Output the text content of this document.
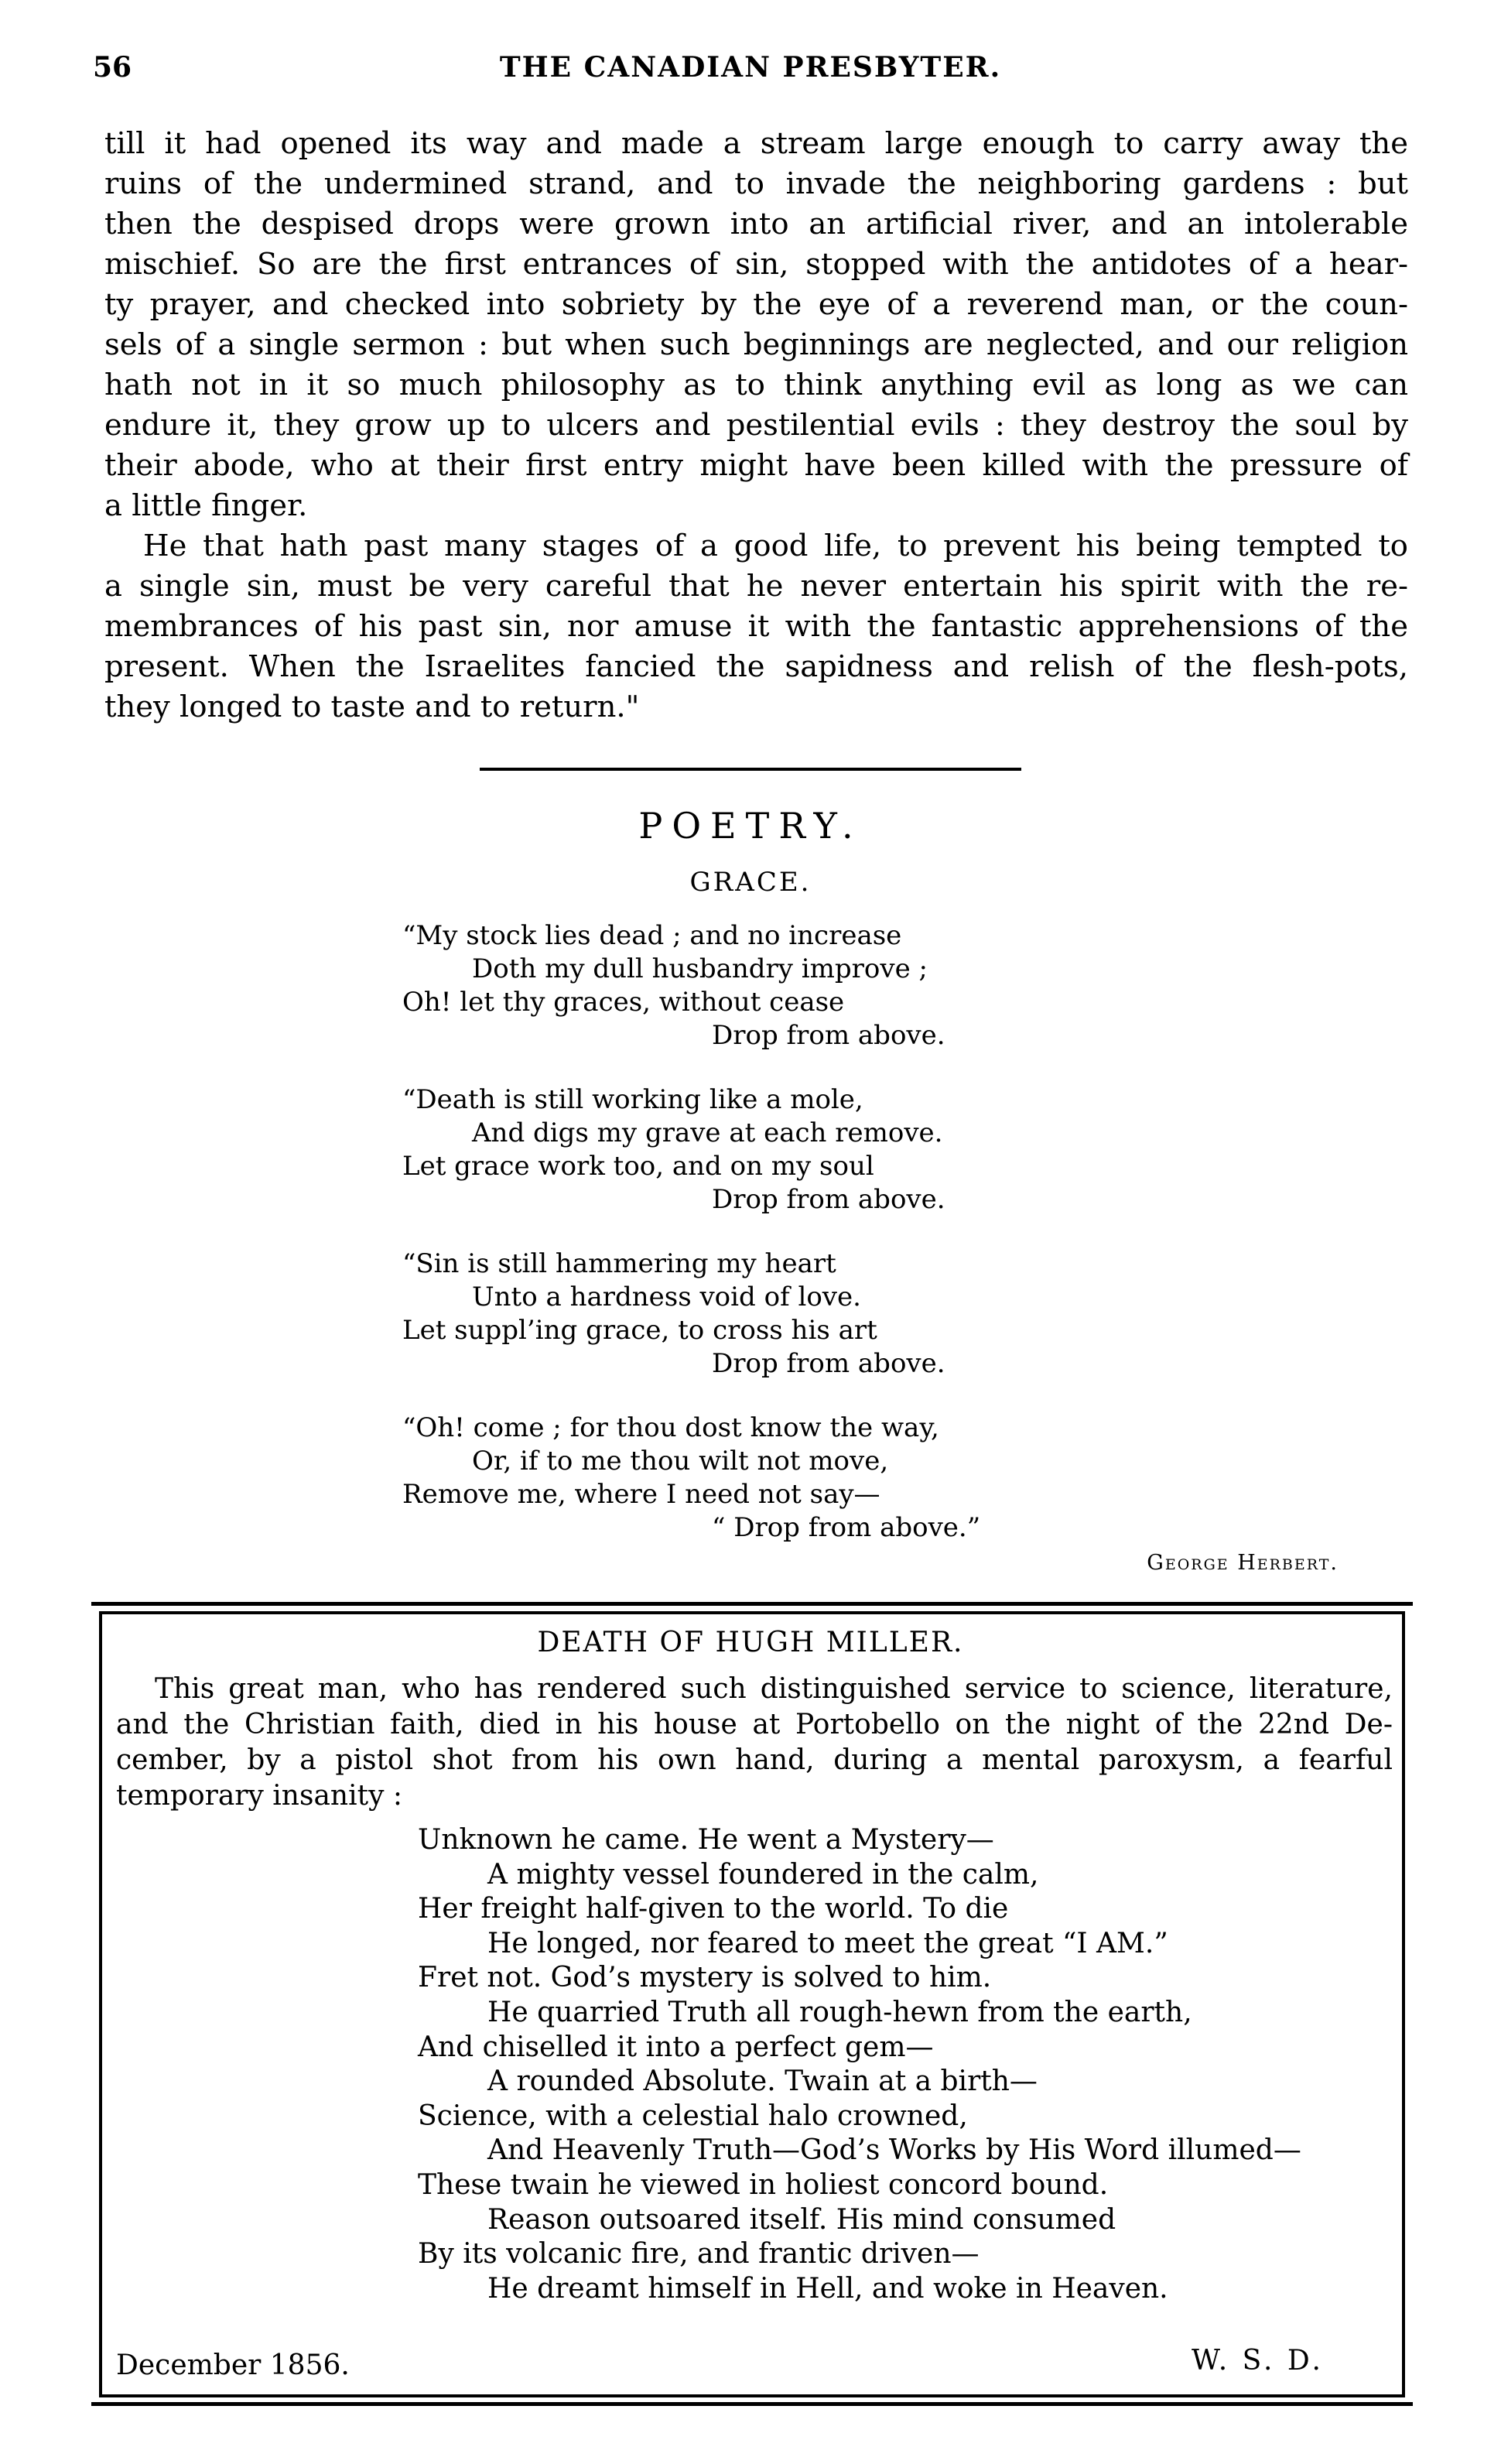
56	THE CANADIAN PRESBYTER.
till it had opened its way and made a stream large enough to carry away the
ruins of the undermined strand, and to invade the neighboring gardens : but
then the despised drops were grown into an artificial river, and an intolerable
mischief. So are the first entrances of sin, stopped with the antidotes of a hear-
ty prayer, and checked into sobriety by the eye of a reverend man, or the coun-
sels of a single sermon : but when such beginnings are neglected, and our religion
hath not in it so much philosophy as to think anything evil as long as we can
endure it, they grow up to ulcers and pestilential evils : they destroy the soul by
their abode, who at their first entry might have been killed with the pressure of
a little finger.
He that hath past many stages of a good life, to prevent his being tempted to
a single sin, must be very careful that he never entertain his spirit with the re-
membrances of his past sin, nor amuse it with the fantastic apprehensions of the
present. When the Israelites fancied the sapidness and relish of the flesh-pots,
they longed to taste and to return."
POETRY.
GRACE.
“My stock lies dead ; and no increase
Doth my dull husbandry improve ;
Oh! let thy graces, without cease
Drop from above.
“Death is still working like a mole,
And digs my grave at each remove.
Let grace work too, and on my soul
Drop from above.
“Sin is still hammering my heart
Unto a hardness void of love.
Let suppl’ing grace, to cross his art
Drop from above.
“Oh! come ; for thou dost know the way,
Or, if to me thou wilt not move,
Remove me, where I need not say—
“ Drop from above.”
George Herbert.
DEATH OF HUGH MILLER.
This great man, who has rendered such distinguished service to science, literature,
and the Christian faith, died in his house at Portobello on the night of the 22nd De-
cember, by a pistol shot from his own hand, during a mental paroxysm, a fearful
temporary insanity :
Unknown he came. He went a Mystery—
A mighty vessel foundered in the calm,
Her freight half-given to the world. To die
He longed, nor feared to meet the great “I AM.”
Fret not. God’s mystery is solved to him.
He quarried Truth all rough-hewn from the earth,
And chiselled it into a perfect gem—
A rounded Absolute. Twain at a birth—
Science, with a celestial halo crowned,
And Heavenly Truth—God’s Works by His Word illumed—
These twain he viewed in holiest concord bound.
Reason outsoared itself. His mind consumed
By its volcanic fire, and frantic driven—
He dreamt himself in Hell, and woke in Heaven.
December 1856.	W. S. D.
